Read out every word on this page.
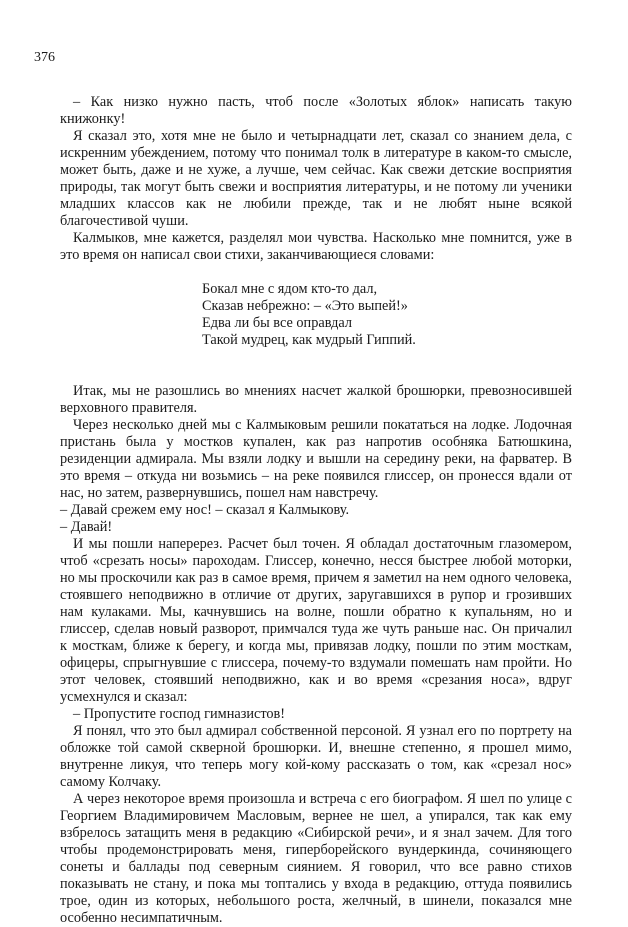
376

– Как низко нужно пасть, чтоб после «Золотых яблок» написать такую книжонку!

Я сказал это, хотя мне не было и четырнадцати лет, сказал со знанием дела, с искренним убеждением, потому что понимал толк в литературе в каком-то смысле, может быть, даже и не хуже, а лучше, чем сейчас. Как свежи детские восприятия природы, так могут быть свежи и восприятия литературы, и не потому ли ученики младших классов как не любили прежде, так и не любят ныне всякой благочестивой чуши.

Калмыков, мне кажется, разделял мои чувства. Насколько мне помнится, уже в это время он написал свои стихи, заканчивающиеся словами:

Бокал мне с ядом кто-то дал,
Сказав небрежно: – «Это выпей!»
Едва ли бы все оправдал
Такой мудрец, как мудрый Гиппий.

Итак, мы не разошлись во мнениях насчет жалкой брошюрки, превозносившей верховного правителя.

Через несколько дней мы с Калмыковым решили покататься на лодке. Лодочная пристань была у мостков купален, как раз напротив особняка Батюшкина, резиденции адмирала. Мы взяли лодку и вышли на середину реки, на фарватер. В это время – откуда ни возьмись – на реке появился глиссер, он пронесся вдали от нас, но затем, развернувшись, пошел нам навстречу.

– Давай срежем ему нос! – сказал я Калмыкову.

– Давай!

И мы пошли наперерез. Расчет был точен. Я обладал достаточным глазомером, чтоб «срезать носы» пароходам. Глиссер, конечно, несся быстрее любой моторки, но мы проскочили как раз в самое время, причем я заметил на нем одного человека, стоявшего неподвижно в отличие от других, заругавшихся в рупор и грозивших нам кулаками. Мы, качнувшись на волне, пошли обратно к купальням, но и глиссер, сделав новый разворот, примчался туда же чуть раньше нас. Он причалил к мосткам, ближе к берегу, и когда мы, привязав лодку, пошли по этим мосткам, офицеры, спрыгнувшие с глиссера, почему-то вздумали помешать нам пройти. Но этот человек, стоявший неподвижно, как и во время «срезания носа», вдруг усмехнулся и сказал:

– Пропустите господ гимназистов!

Я понял, что это был адмирал собственной персоной. Я узнал его по портрету на обложке той самой скверной брошюрки. И, внешне степенно, я прошел мимо, внутренне ликуя, что теперь могу кой-кому рассказать о том, как «срезал нос» самому Колчаку.

А через некоторое время произошла и встреча с его биографом. Я шел по улице с Георгием Владимировичем Масловым, вернее не шел, а упирался, так как ему взбрелось затащить меня в редакцию «Сибирской речи», и я знал зачем. Для того чтобы продемонстрировать меня, гиперборейского вундеркинда, сочиняющего сонеты и баллады под северным сиянием. Я говорил, что все равно стихов показывать не стану, и пока мы топтались у входа в редакцию, оттуда появились трое, один из которых, небольшого роста, желчный, в шинели, показался мне особенно несимпатичным.
